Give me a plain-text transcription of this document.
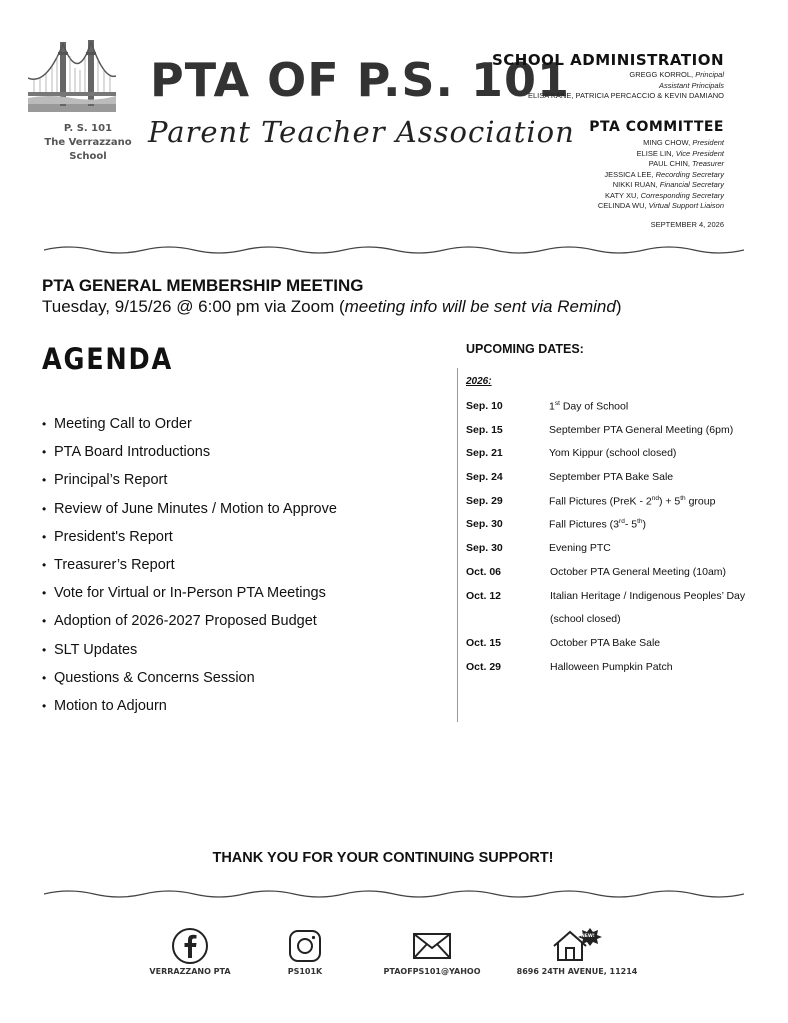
P. S. 101
The Verrazzano School
PTA OF P.S. 101
Parent Teacher Association
SCHOOL ADMINISTRATION
GREGG KORROL, Principal
Assistant Principals
ELISA KANE, PATRICIA PERCACCIO & KEVIN DAMIANO
PTA COMMITTEE
MING CHOW, President
ELISE LIN, Vice President
PAUL CHIN, Treasurer
JESSICA LEE, Recording Secretary
NIKKI RUAN, Financial Secretary
KATY XU, Corresponding Secretary
CELINDA WU, Virtual Support Liaison
SEPTEMBER 4, 2026
PTA GENERAL MEMBERSHIP MEETING
Tuesday, 9/15/26 @ 6:00 pm via Zoom (meeting info will be sent via Remind)
AGENDA
• Meeting Call to Order
• PTA Board Introductions
• Principal’s Report
• Review of June Minutes / Motion to Approve
• President's Report
• Treasurer’s Report
• Vote for Virtual or In-Person PTA Meetings
• Adoption of 2026-2027 Proposed Budget
• SLT Updates
• Questions & Concerns Session
• Motion to Adjourn
UPCOMING DATES:
2026:
Sep. 10	1st Day of School
Sep. 15	September PTA General Meeting (6pm)
Sep. 21	Yom Kippur (school closed)
Sep. 24	September PTA Bake Sale
Sep. 29	Fall Pictures (PreK - 2nd) + 5th group
Sep. 30	Fall Pictures (3rd- 5th)
Sep. 30	Evening PTC
Oct. 06	October PTA General Meeting (10am)
Oct. 12	Italian Heritage / Indigenous Peoples’ Day
(school closed)
Oct. 15	October PTA Bake Sale
Oct. 29	Halloween Pumpkin Patch
THANK YOU FOR YOUR CONTINUING SUPPORT!
VERRAZZANO PTA	PS101K	PTAOFPS101@YAHOO
NEW!
8696 24TH AVENUE, 11214
